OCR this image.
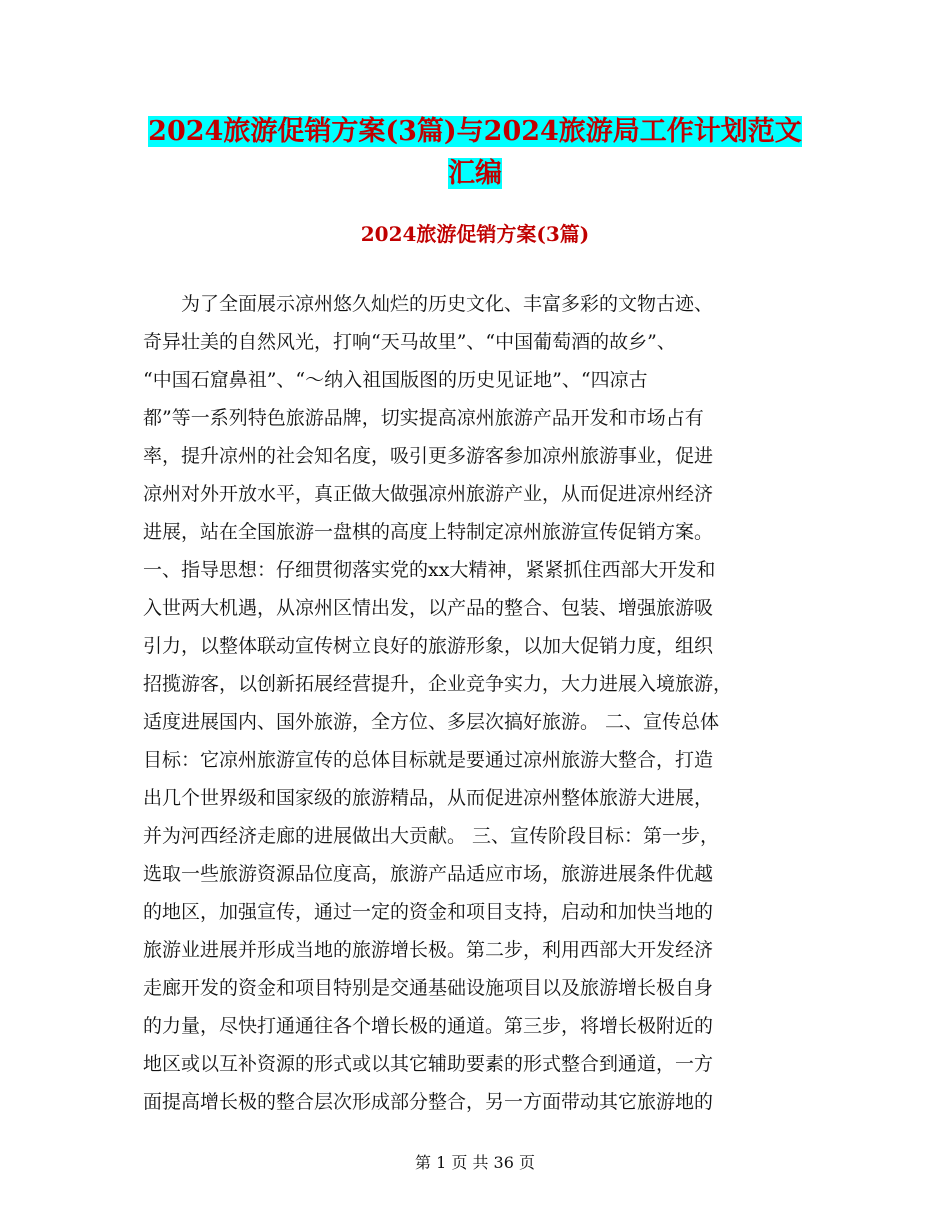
2024旅游促销方案(3篇)与2024旅游局工作计划范文
汇编
2024旅游促销方案(3篇)
　　为了全面展示凉州悠久灿烂的历史文化、丰富多彩的文物古迹、
奇异壮美的自然风光，打响“天马故里”、“中国葡萄酒的故乡”、
“中国石窟鼻祖”、“～纳入祖国版图的历史见证地”、“四凉古
都”等一系列特色旅游品牌，切实提高凉州旅游产品开发和市场占有
率，提升凉州的社会知名度，吸引更多游客参加凉州旅游事业，促进
凉州对外开放水平，真正做大做强凉州旅游产业，从而促进凉州经济
进展，站在全国旅游一盘棋的高度上特制定凉州旅游宣传促销方案。
一、指导思想：仔细贯彻落实党的xx大精神，紧紧抓住西部大开发和
入世两大机遇，从凉州区情出发，以产品的整合、包装、增强旅游吸
引力，以整体联动宣传树立良好的旅游形象，以加大促销力度，组织
招揽游客，以创新拓展经营提升，企业竞争实力，大力进展入境旅游，
适度进展国内、国外旅游，全方位、多层次搞好旅游。 二、宣传总体
目标：它凉州旅游宣传的总体目标就是要通过凉州旅游大整合，打造
出几个世界级和国家级的旅游精品，从而促进凉州整体旅游大进展，
并为河西经济走廊的进展做出大贡献。 三、宣传阶段目标：第一步，
选取一些旅游资源品位度高，旅游产品适应市场，旅游进展条件优越
的地区，加强宣传，通过一定的资金和项目支持，启动和加快当地的
旅游业进展并形成当地的旅游增长极。第二步，利用西部大开发经济
走廊开发的资金和项目特别是交通基础设施项目以及旅游增长极自身
的力量，尽快打通通往各个增长极的通道。第三步，将增长极附近的
地区或以互补资源的形式或以其它辅助要素的形式整合到通道，一方
面提高增长极的整合层次形成部分整合，另一方面带动其它旅游地的
第 1 页 共 36 页
